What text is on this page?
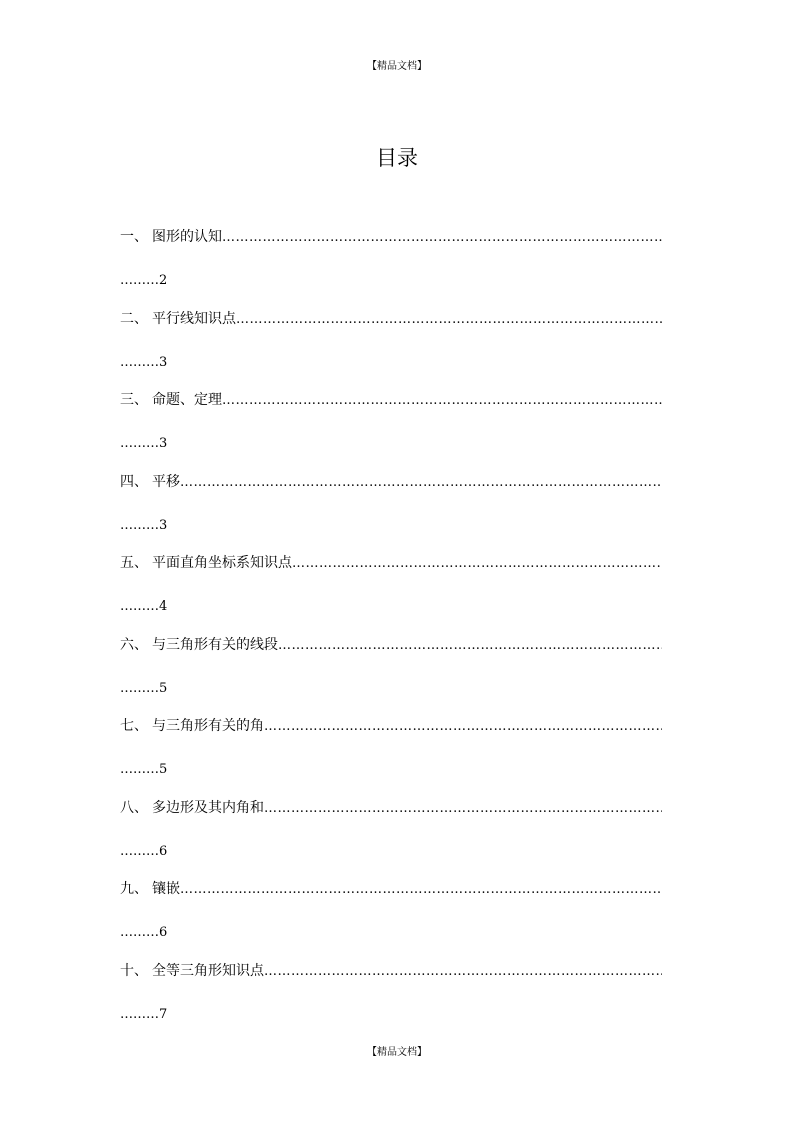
【精品文档】
目录
一、 图形的认知
……………………………………………………………………………………………………………………………………………………………………
………2
二、 平行线知识点
……………………………………………………………………………………………………………………………………………………………………
………3
三、 命题、定理
……………………………………………………………………………………………………………………………………………………………………
………3
四、 平移
……………………………………………………………………………………………………………………………………………………………………
………3
五、 平面直角坐标系知识点
……………………………………………………………………………………………………………………………………………………………………
………4
六、 与三角形有关的线段
……………………………………………………………………………………………………………………………………………………………………
………5
七、 与三角形有关的角
……………………………………………………………………………………………………………………………………………………………………
………5
八、 多边形及其内角和
……………………………………………………………………………………………………………………………………………………………………
………6
九、 镶嵌
……………………………………………………………………………………………………………………………………………………………………
………6
十、 全等三角形知识点
……………………………………………………………………………………………………………………………………………………………………
………7
【精品文档】
